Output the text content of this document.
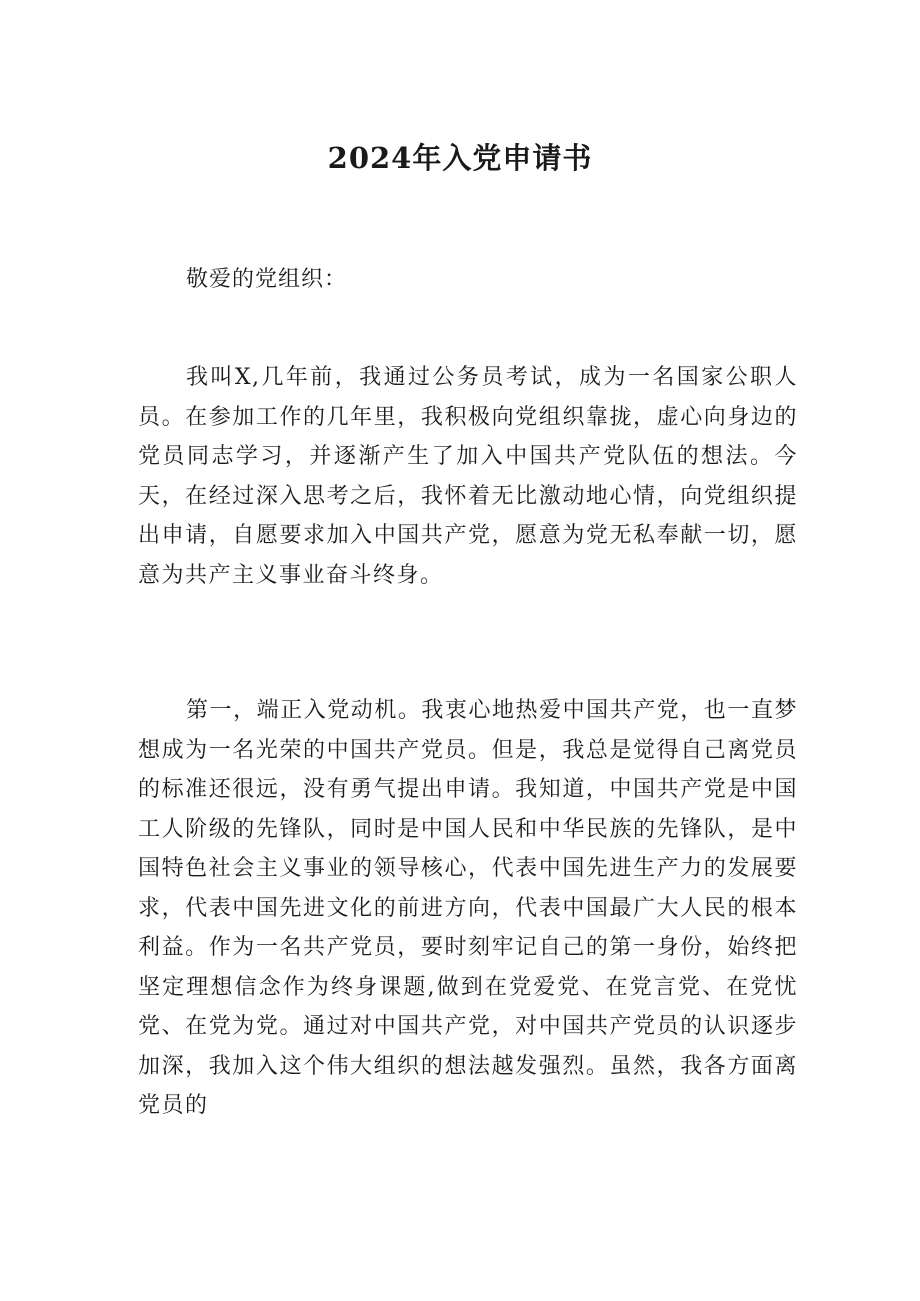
2024年入党申请书

敬爱的党组织：

我叫X,几年前，我通过公务员考试，成为一名国家公职人员。在参加工作的几年里，我积极向党组织靠拢，虚心向身边的党员同志学习，并逐渐产生了加入中国共产党队伍的想法。今天，在经过深入思考之后，我怀着无比激动地心情，向党组织提出申请，自愿要求加入中国共产党，愿意为党无私奉献一切，愿意为共产主义事业奋斗终身。

第一，端正入党动机。我衷心地热爱中国共产党，也一直梦想成为一名光荣的中国共产党员。但是，我总是觉得自己离党员的标准还很远，没有勇气提出申请。我知道，中国共产党是中国工人阶级的先锋队，同时是中国人民和中华民族的先锋队，是中国特色社会主义事业的领导核心，代表中国先进生产力的发展要求，代表中国先进文化的前进方向，代表中国最广大人民的根本利益。作为一名共产党员，要时刻牢记自己的第一身份，始终把坚定理想信念作为终身课题,做到在党爱党、在党言党、在党忧党、在党为党。通过对中国共产党，对中国共产党员的认识逐步加深，我加入这个伟大组织的想法越发强烈。虽然，我各方面离党员的
